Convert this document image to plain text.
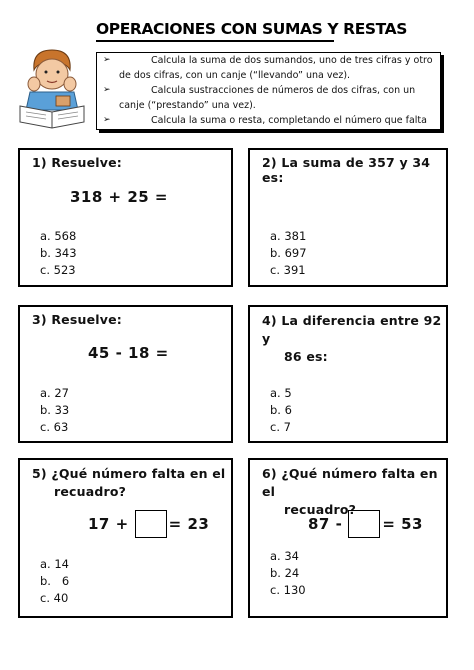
OPERACIONES CON SUMAS Y RESTAS
➢	Calcula la suma de dos sumandos, uno de tres cifras y otro de dos cifras, con un canje (“llevando” una vez).
➢	Calcula sustracciones de números de dos cifras, con un canje (“prestando” una vez).
➢	Calcula la suma o resta, completando el número que falta
1) Resuelve:
318 + 25 =
a. 568
b. 343
c. 523
2) La suma de 357 y 34 es:
a. 381
b. 697
c. 391
3) Resuelve:
45 - 18 =
a. 27
b. 33
c. 63
4) La diferencia entre 92 y
86 es:
a. 5
b. 6
c. 7
5) ¿Qué número falta en el
recuadro?
17 +	= 23
a. 14
b.   6
c. 40
6) ¿Qué número falta en el
recuadro?
87 -	= 53
a. 34
b. 24
c. 130
